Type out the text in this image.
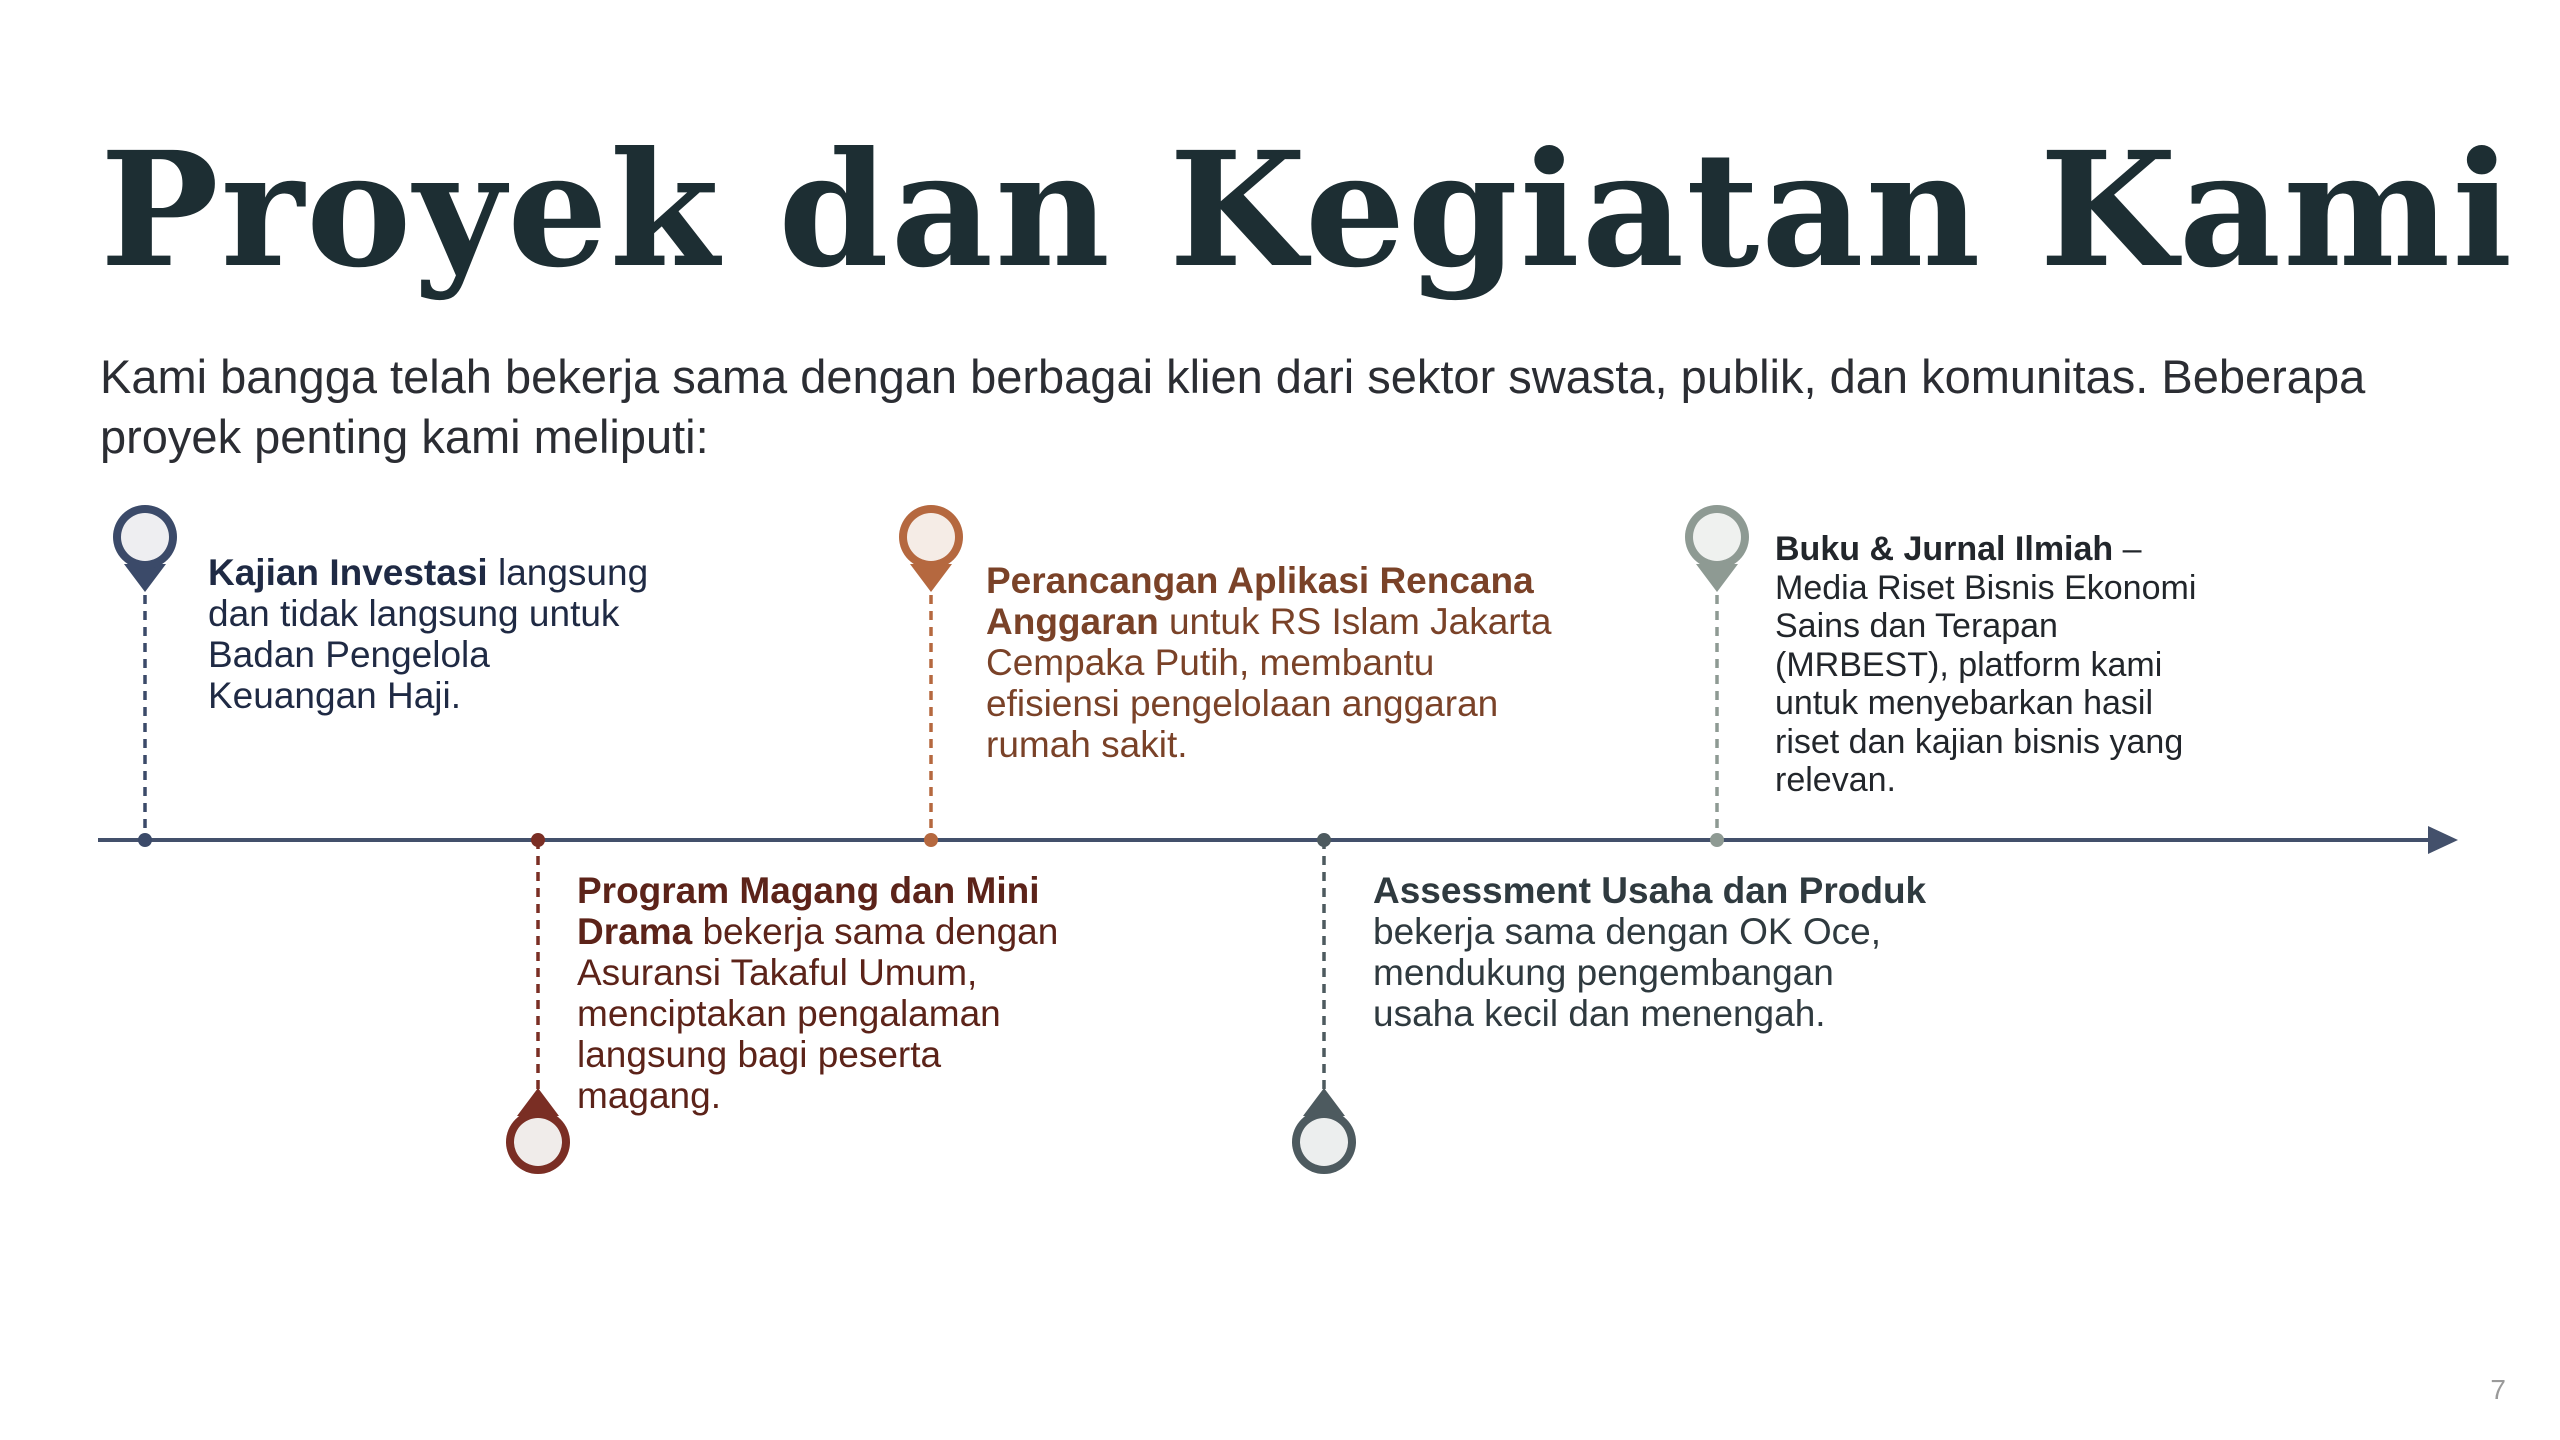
Proyek dan Kegiatan Kami

Kami bangga telah bekerja sama dengan berbagai klien dari sektor swasta, publik, dan komunitas. Beberapa proyek penting kami meliputi:

Kajian Investasi langsung dan tidak langsung untuk Badan Pengelola Keuangan Haji.

Program Magang dan Mini Drama bekerja sama dengan Asuransi Takaful Umum, menciptakan pengalaman langsung bagi peserta magang.

Perancangan Aplikasi Rencana Anggaran untuk RS Islam Jakarta Cempaka Putih, membantu efisiensi pengelolaan anggaran rumah sakit.

Assessment Usaha dan Produk bekerja sama dengan OK Oce, mendukung pengembangan usaha kecil dan menengah.

Buku & Jurnal Ilmiah – Media Riset Bisnis Ekonomi Sains dan Terapan (MRBEST), platform kami untuk menyebarkan hasil riset dan kajian bisnis yang relevan.

7
